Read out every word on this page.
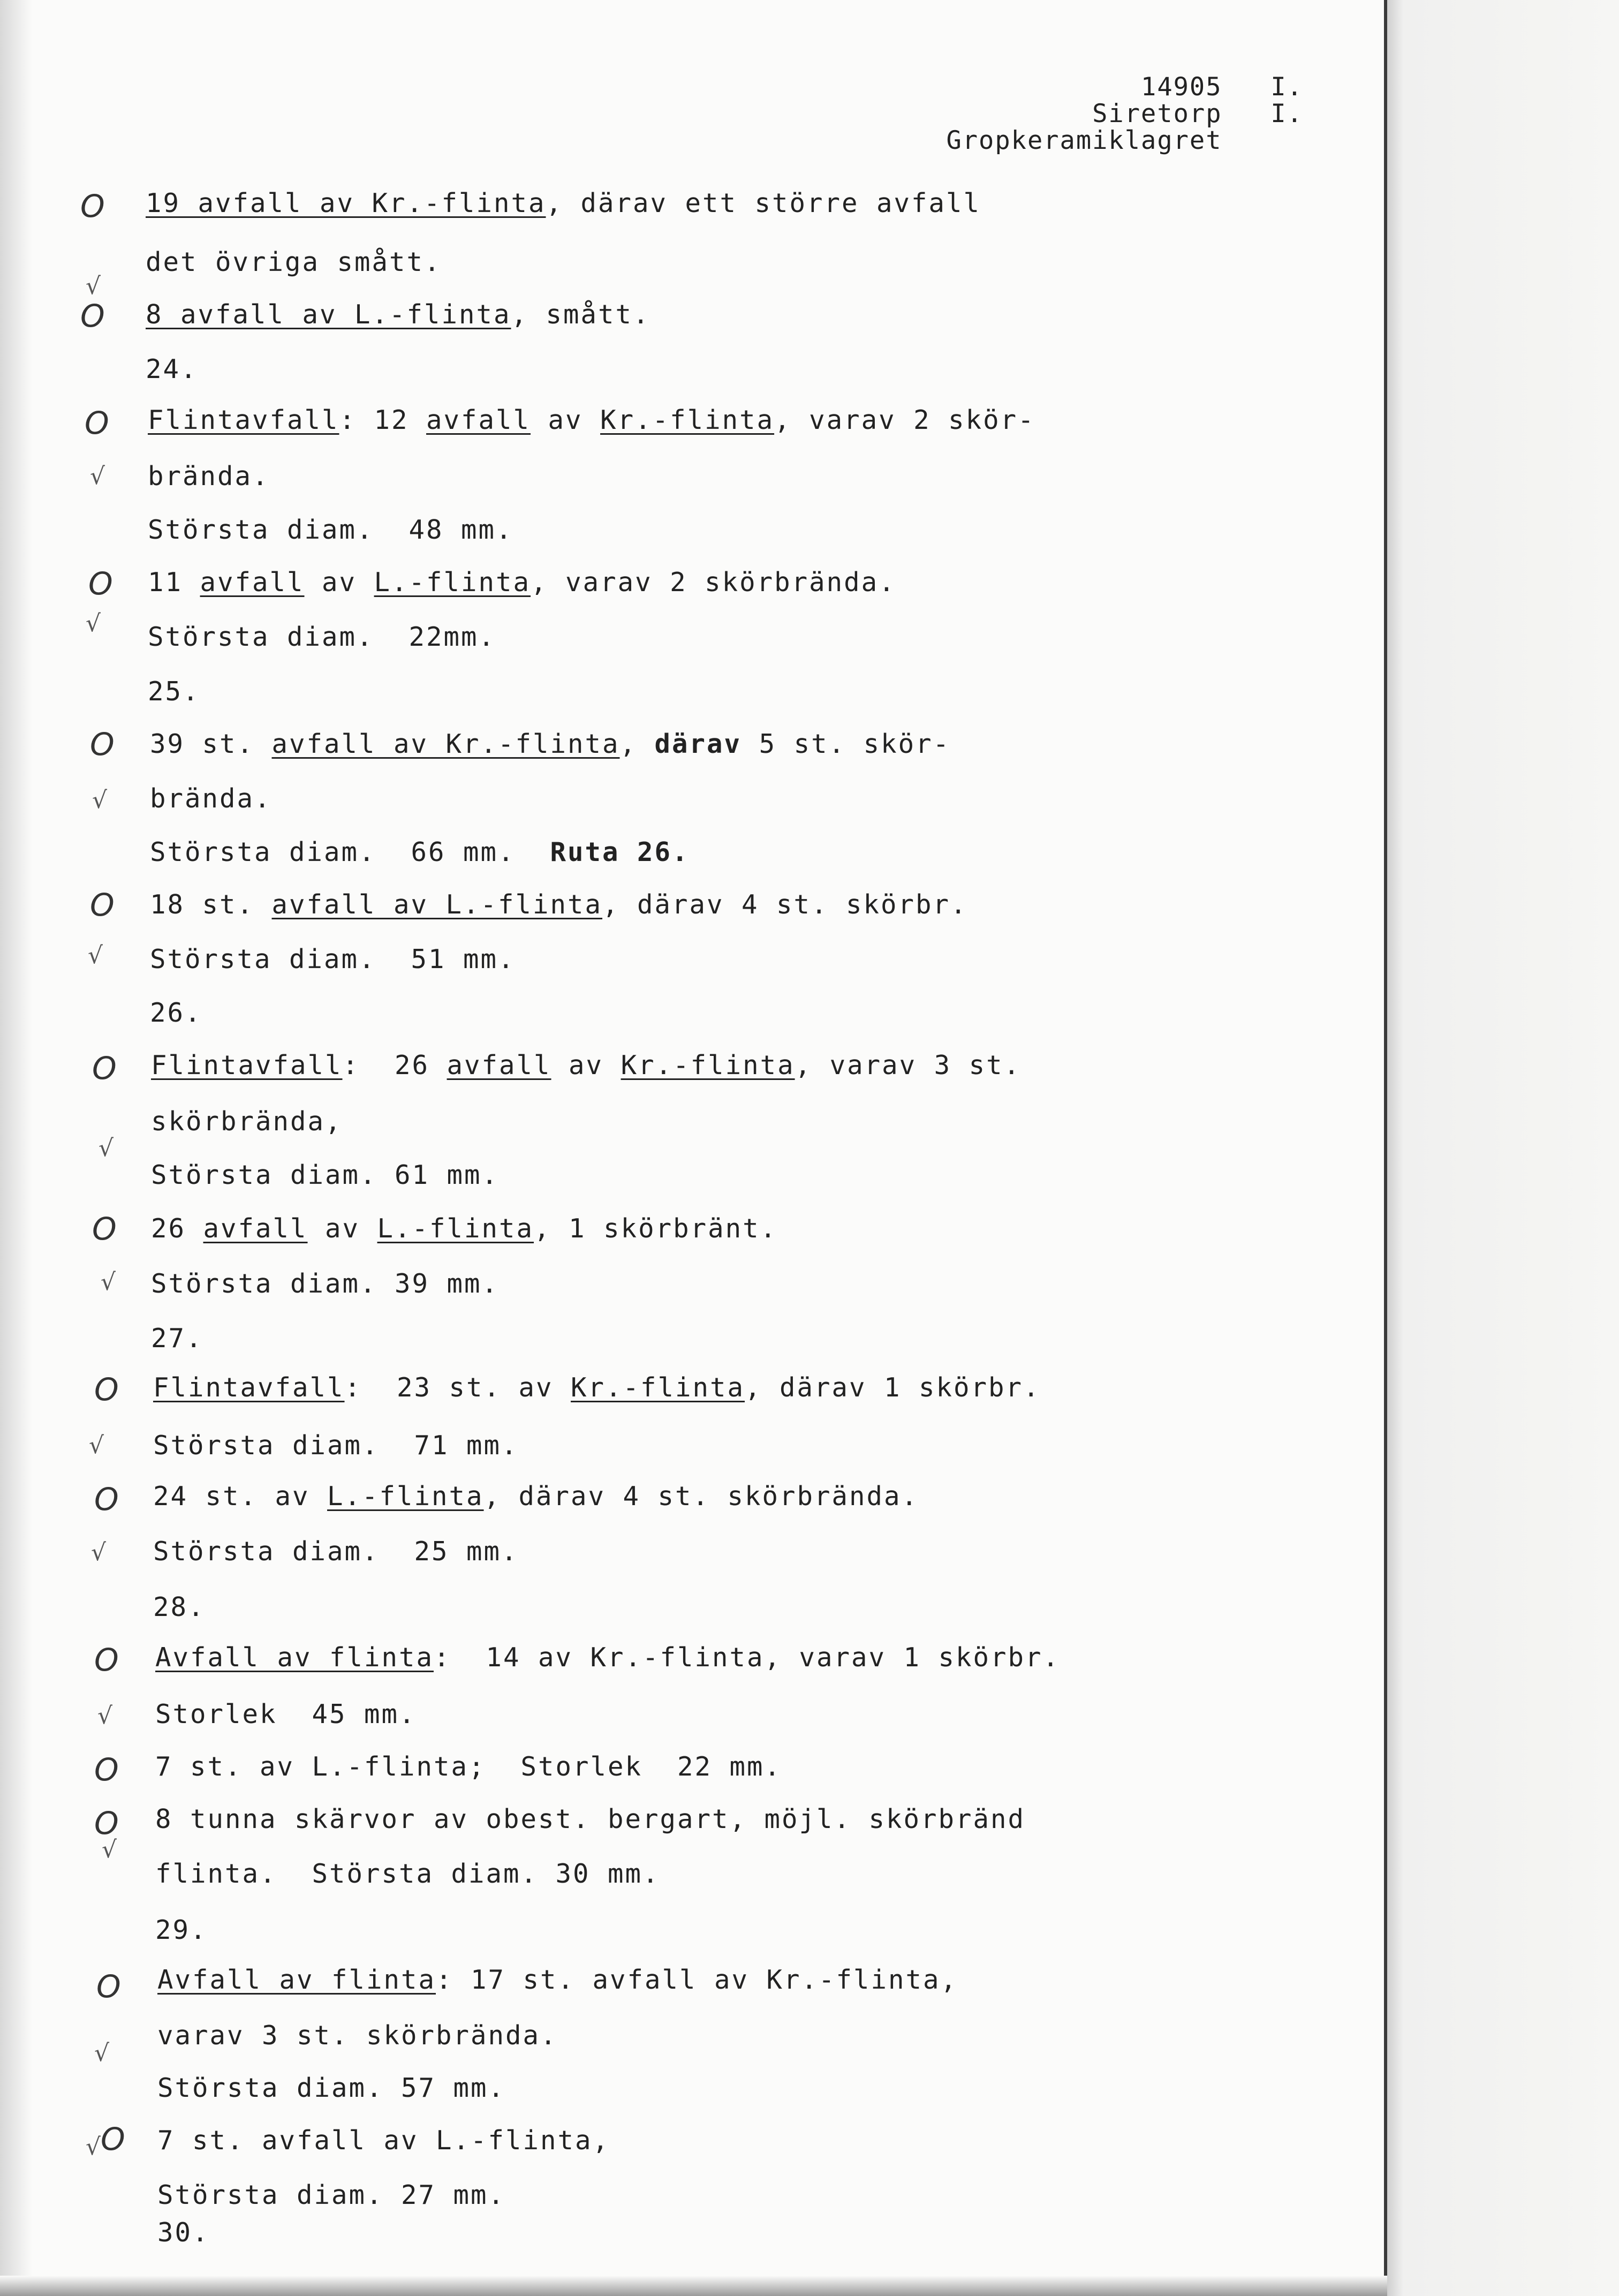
14905 I.
Siretorp I.
Gropkeramiklagret
O
√
O
O
√
O
√
O
√
O
√
O
√
O
√
O
√
O
√
O
√
O
O
√
O
√
√ O
19 avfall av Kr.-flinta, därav ett större avfall
det övriga smått.
8 avfall av L.-flinta, smått.
24.
Flintavfall: 12 avfall av Kr.-flinta, varav 2 skör-
brända.
Största diam.  48 mm.
11 avfall av L.-flinta, varav 2 skörbrända.
Största diam.  22mm.
25.
39 st. avfall av Kr.-flinta, därav 5 st. skör-
brända.
Största diam.  66 mm.  Ruta 26.
18 st. avfall av L.-flinta, därav 4 st. skörbr.
Största diam.  51 mm.
26.
Flintavfall:  26 avfall av Kr.-flinta, varav 3 st.
skörbrända,
Största diam. 61 mm.
26 avfall av L.-flinta, 1 skörbränt.
Största diam. 39 mm.
27.
Flintavfall:  23 st. av Kr.-flinta, därav 1 skörbr.
Största diam.  71 mm.
24 st. av L.-flinta, därav 4 st. skörbrända.
Största diam.  25 mm.
28.
Avfall av flinta:  14 av Kr.-flinta, varav 1 skörbr.
Storlek  45 mm.
7 st. av L.-flinta;  Storlek  22 mm.
8 tunna skärvor av obest. bergart, möjl. skörbränd
flinta.  Största diam. 30 mm.
29.
Avfall av flinta: 17 st. avfall av Kr.-flinta,
varav 3 st. skörbrända.
Största diam. 57 mm.
7 st. avfall av L.-flinta,
Största diam. 27 mm.
30.
